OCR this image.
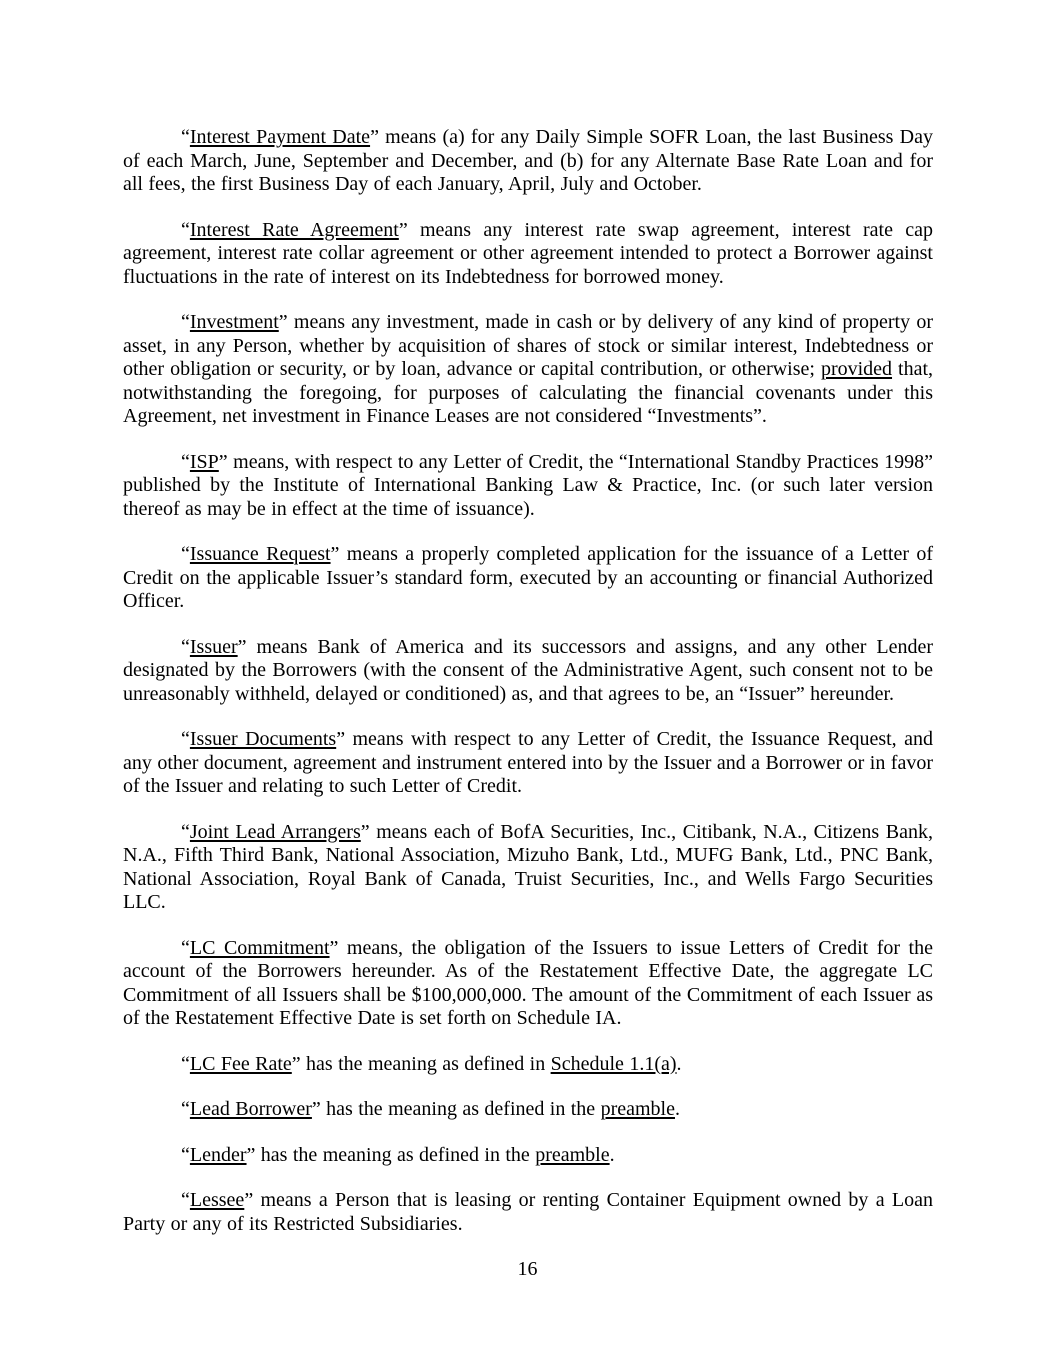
“Interest Payment Date” means (a) for any Daily Simple SOFR Loan, the last Business Day of each March, June, September and December, and (b) for any Alternate Base Rate Loan and for all fees, the first Business Day of each January, April, July and October.

“Interest Rate Agreement” means any interest rate swap agreement, interest rate cap agreement, interest rate collar agreement or other agreement intended to protect a Borrower against fluctuations in the rate of interest on its Indebtedness for borrowed money.

“Investment” means any investment, made in cash or by delivery of any kind of property or asset, in any Person, whether by acquisition of shares of stock or similar interest, Indebtedness or other obligation or security, or by loan, advance or capital contribution, or otherwise; provided that, notwithstanding the foregoing, for purposes of calculating the financial covenants under this Agreement, net investment in Finance Leases are not considered “Investments”.

“ISP” means, with respect to any Letter of Credit, the “International Standby Practices 1998” published by the Institute of International Banking Law & Practice, Inc. (or such later version thereof as may be in effect at the time of issuance).

“Issuance Request” means a properly completed application for the issuance of a Letter of Credit on the applicable Issuer’s standard form, executed by an accounting or financial Authorized Officer.

“Issuer” means Bank of America and its successors and assigns, and any other Lender designated by the Borrowers (with the consent of the Administrative Agent, such consent not to be unreasonably withheld, delayed or conditioned) as, and that agrees to be, an “Issuer” hereunder.

“Issuer Documents” means with respect to any Letter of Credit, the Issuance Request, and any other document, agreement and instrument entered into by the Issuer and a Borrower or in favor of the Issuer and relating to such Letter of Credit.

“Joint Lead Arrangers” means each of BofA Securities, Inc., Citibank, N.A., Citizens Bank, N.A., Fifth Third Bank, National Association, Mizuho Bank, Ltd., MUFG Bank, Ltd., PNC Bank, National Association, Royal Bank of Canada, Truist Securities, Inc., and Wells Fargo Securities LLC.

“LC Commitment” means, the obligation of the Issuers to issue Letters of Credit for the account of the Borrowers hereunder. As of the Restatement Effective Date, the aggregate LC Commitment of all Issuers shall be $100,000,000. The amount of the Commitment of each Issuer as of the Restatement Effective Date is set forth on Schedule IA.

“LC Fee Rate” has the meaning as defined in Schedule 1.1(a).

“Lead Borrower” has the meaning as defined in the preamble.

“Lender” has the meaning as defined in the preamble.

“Lessee” means a Person that is leasing or renting Container Equipment owned by a Loan Party or any of its Restricted Subsidiaries.

16
